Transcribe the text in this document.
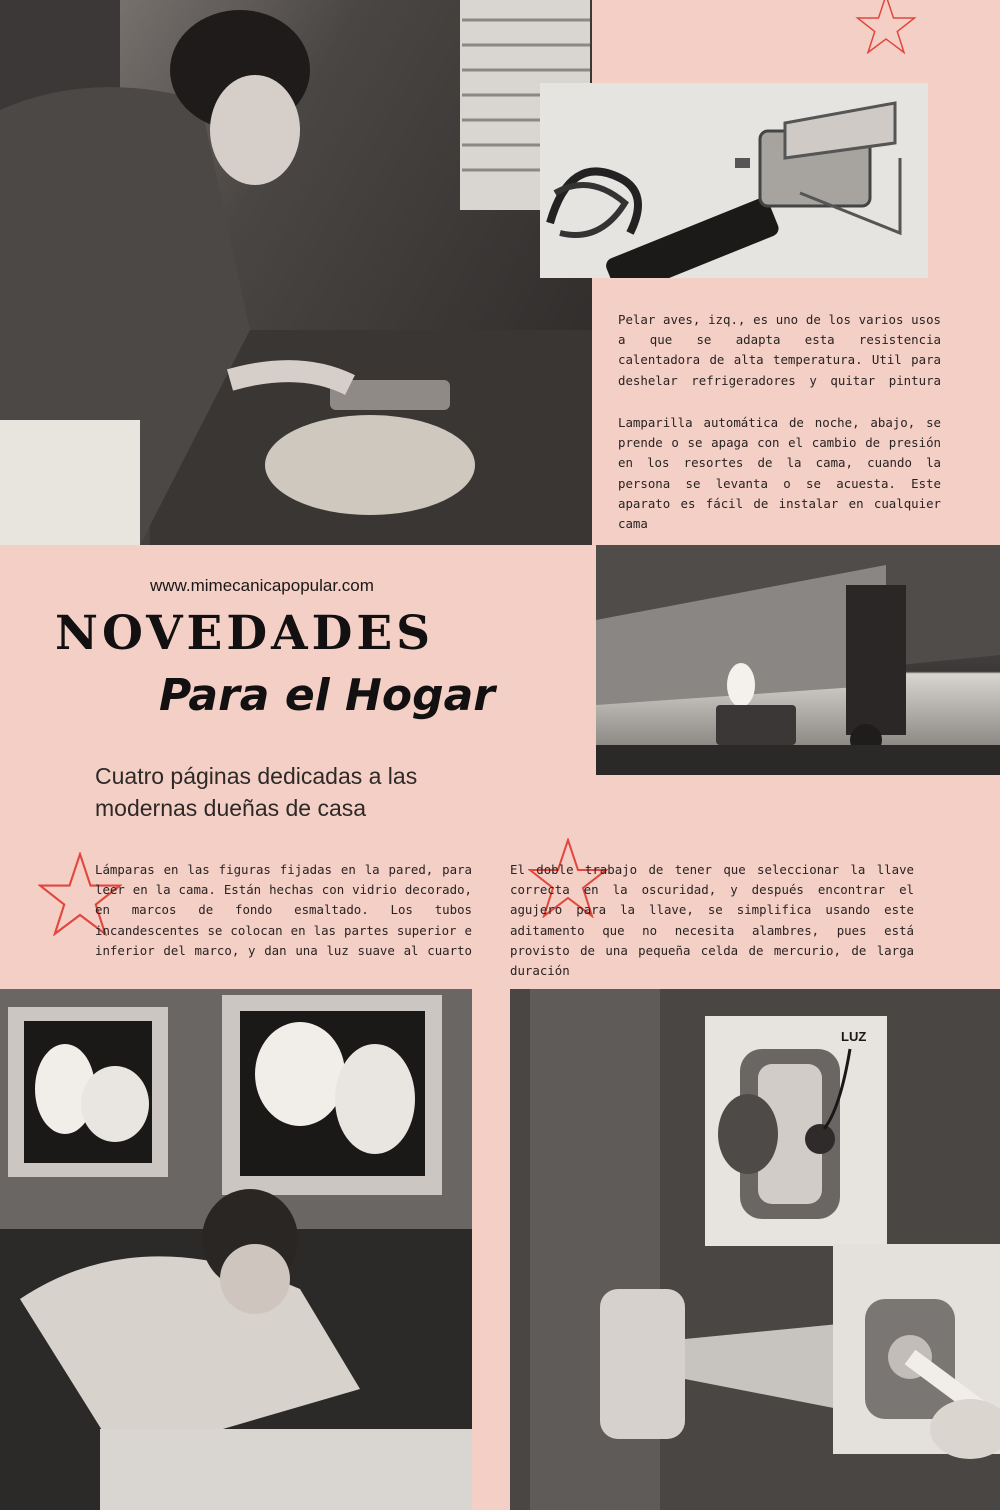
Pelar aves, izq., es uno de los varios usos a que se adapta esta resistencia calentadora de alta temperatura. Util para deshelar refrigeradores y quitar pintura

Lamparilla automática de noche, abajo, se prende o se apaga con el cambio de presión en los resortes de la cama, cuando la persona se levanta o se acuesta. Este aparato es fácil de instalar en cualquier cama

Lámparas en las figuras fijadas en la pared, para leer en la cama. Están hechas con vidrio decorado, en marcos de fondo esmaltado. Los tubos incandescentes se colocan en las partes superior e inferior del marco, y dan una luz suave al cuarto

El doble trabajo de tener que seleccionar la llave correcta en la oscuridad, y después encontrar el agujero para la llave, se simplifica usando este aditamento que no necesita alambres, pues está provisto de una pequeña celda de mercurio, de larga duración

www.mimecanicapopular.com

NOVEDADES
Para el Hogar

Cuatro páginas dedicadas a las modernas dueñas de casa

LUZ
